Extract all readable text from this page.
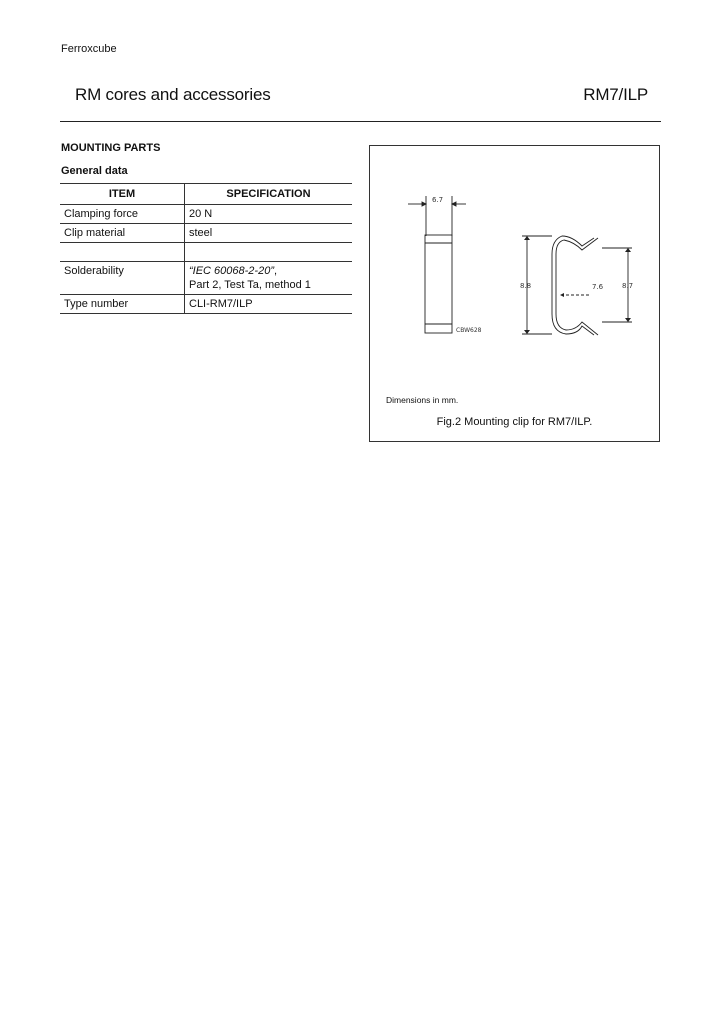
Ferroxcube
RM cores and accessories	RM7/ILP
MOUNTING PARTS
General data
ITEM	SPECIFICATION
Clamping force	20 N
Clip material	steel

Solderability	“IEC 60068-2-20”,
Part 2, Test Ta, method 1
Type number	CLI-RM7/ILP
6.7
8.8	7.6	8.7
CBW628
Dimensions in mm.
Fig.2 Mounting clip for RM7/ILP.
